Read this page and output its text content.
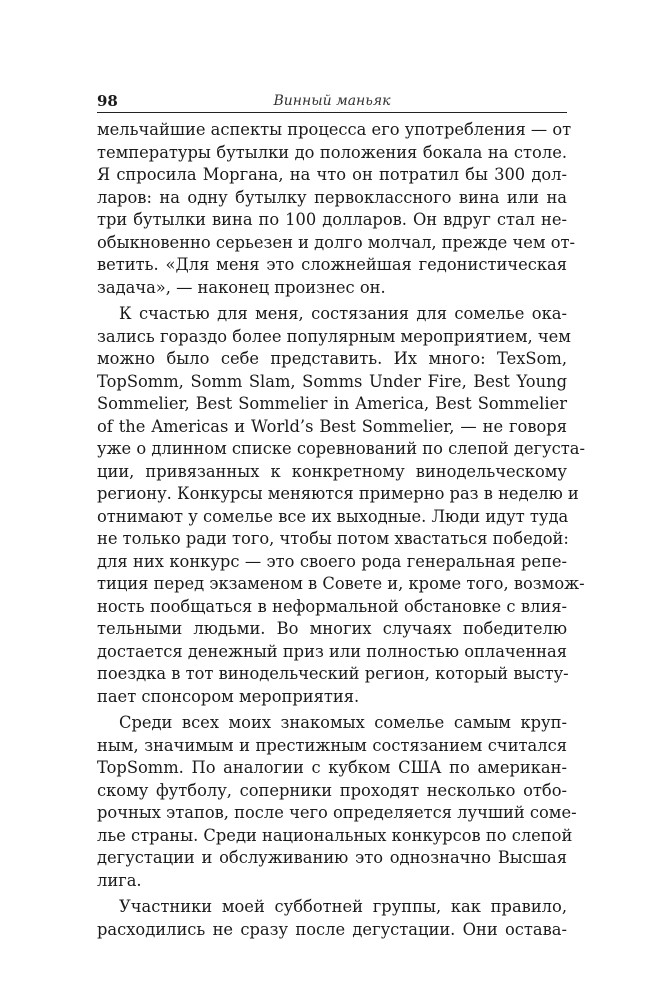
98	Винный маньяк
мельчайшие аспекты процесса его употребления — от
температуры бутылки до положения бокала на столе.
Я спросила Моргана, на что он потратил бы 300 дол-
ларов: на одну бутылку первоклассного вина или на
три бутылки вина по 100 долларов. Он вдруг стал не-
обыкновенно серьезен и долго молчал, прежде чем от-
ветить. «Для меня это сложнейшая гедонистическая
задача», — наконец произнес он.
К счастью для меня, состязания для сомелье ока-
зались гораздо более популярным мероприятием, чем
можно было себе представить. Их много: TexSom,
TopSomm, Somm Slam, Somms Under Fire, Best Young
Sommelier, Best Sommelier in America, Best Sommelier
of the Americas и World’s Best Sommelier, — не говоря
уже о длинном списке соревнований по слепой дегуста-
ции, привязанных к конкретному винодельческому
региону. Конкурсы меняются примерно раз в неделю и
отнимают у сомелье все их выходные. Люди идут туда
не только ради того, чтобы потом хвастаться победой:
для них конкурс — это своего рода генеральная репе-
тиция перед экзаменом в Совете и, кроме того, возмож-
ность пообщаться в неформальной обстановке с влия-
тельными людьми. Во многих случаях победителю
достается денежный приз или полностью оплаченная
поездка в тот винодельческий регион, который высту-
пает спонсором мероприятия.
Среди всех моих знакомых сомелье самым круп-
ным, значимым и престижным состязанием считался
TopSomm. По аналогии с кубком США по американ-
скому футболу, соперники проходят несколько отбо-
рочных этапов, после чего определяется лучший соме-
лье страны. Среди национальных конкурсов по слепой
дегустации и обслуживанию это однозначно Высшая
лига.
Участники моей субботней группы, как правило,
расходились не сразу после дегустации. Они остава-
